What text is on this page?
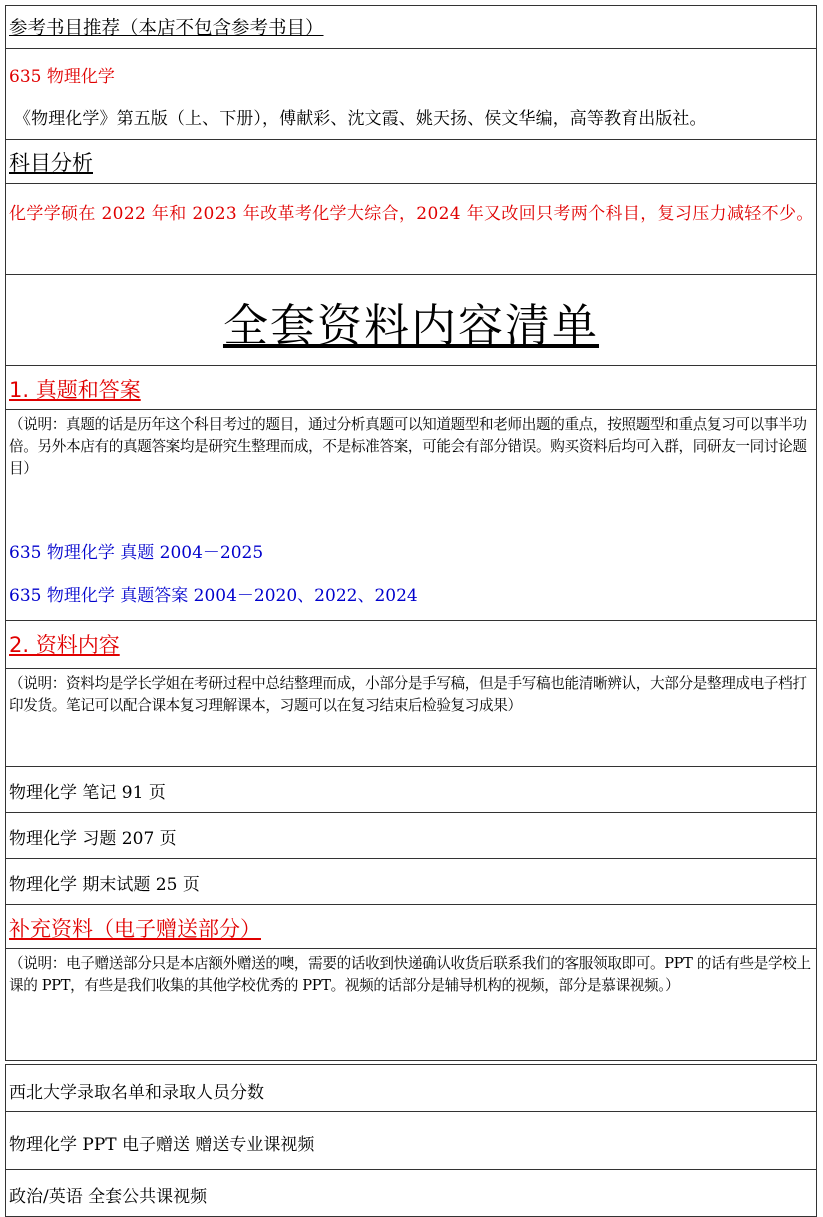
参考书目推荐（本店不包含参考书目）
635 物理化学
《物理化学》第五版（上、下册），傅献彩、沈文霞、姚天扬、侯文华编，高等教育出版社。
科目分析
化学学硕在 2022 年和 2023 年改革考化学大综合，2024 年又改回只考两个科目，复习压力减轻不少。
全套资料内容清单
1. 真题和答案
（说明：真题的话是历年这个科目考过的题目，通过分析真题可以知道题型和老师出题的重点，按照题型和重点复习可以事半功倍。另外本店有的真题答案均是研究生整理而成，不是标准答案，可能会有部分错误。购买资料后均可入群，同研友一同讨论题目）
635 物理化学 真题 2004－2025
635 物理化学 真题答案 2004－2020、2022、2024
2. 资料内容
（说明：资料均是学长学姐在考研过程中总结整理而成，小部分是手写稿，但是手写稿也能清晰辨认，大部分是整理成电子档打印发货。笔记可以配合课本复习理解课本，习题可以在复习结束后检验复习成果）
物理化学 笔记 91 页
物理化学 习题 207 页
物理化学 期末试题 25 页
补充资料（电子赠送部分）
（说明：电子赠送部分只是本店额外赠送的噢，需要的话收到快递确认收货后联系我们的客服领取即可。PPT 的话有些是学校上课的 PPT，有些是我们收集的其他学校优秀的 PPT。视频的话部分是辅导机构的视频，部分是慕课视频。）
西北大学录取名单和录取人员分数
物理化学 PPT 电子赠送 赠送专业课视频
政治/英语 全套公共课视频
